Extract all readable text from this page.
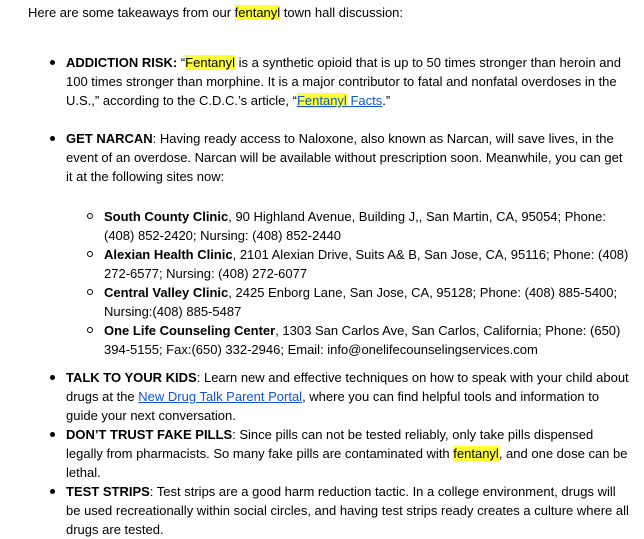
Here are some takeaways from our fentanyl town hall discussion:
ADDICTION RISK: “Fentanyl is a synthetic opioid that is up to 50 times stronger than heroin and 100 times stronger than morphine. It is a major contributor to fatal and nonfatal overdoses in the U.S.,” according to the C.D.C.’s article, “Fentanyl Facts.”
GET NARCAN: Having ready access to Naloxone, also known as Narcan, will save lives, in the event of an overdose. Narcan will be available without prescription soon. Meanwhile, you can get it at the following sites now:
South County Clinic, 90 Highland Avenue, Building J,, San Martin, CA, 95054; Phone: (408) 852-2420; Nursing: (408) 852-2440
Alexian Health Clinic, 2101 Alexian Drive, Suits A& B, San Jose, CA, 95116; Phone: (408) 272-6577; Nursing: (408) 272-6077
Central Valley Clinic, 2425 Enborg Lane, San Jose, CA, 95128; Phone: (408) 885-5400; Nursing:(408) 885-5487
One Life Counseling Center, 1303 San Carlos Ave, San Carlos, California; Phone: (650) 394-5155; Fax:(650) 332-2946; Email: info@onelifecounselingservices.com
TALK TO YOUR KIDS: Learn new and effective techniques on how to speak with your child about drugs at the New Drug Talk Parent Portal, where you can find helpful tools and information to guide your next conversation.
DON’T TRUST FAKE PILLS: Since pills can not be tested reliably, only take pills dispensed legally from pharmacists. So many fake pills are contaminated with fentanyl, and one dose can be lethal.
TEST STRIPS: Test strips are a good harm reduction tactic. In a college environment, drugs will be used recreationally within social circles, and having test strips ready creates a culture where all drugs are tested.
